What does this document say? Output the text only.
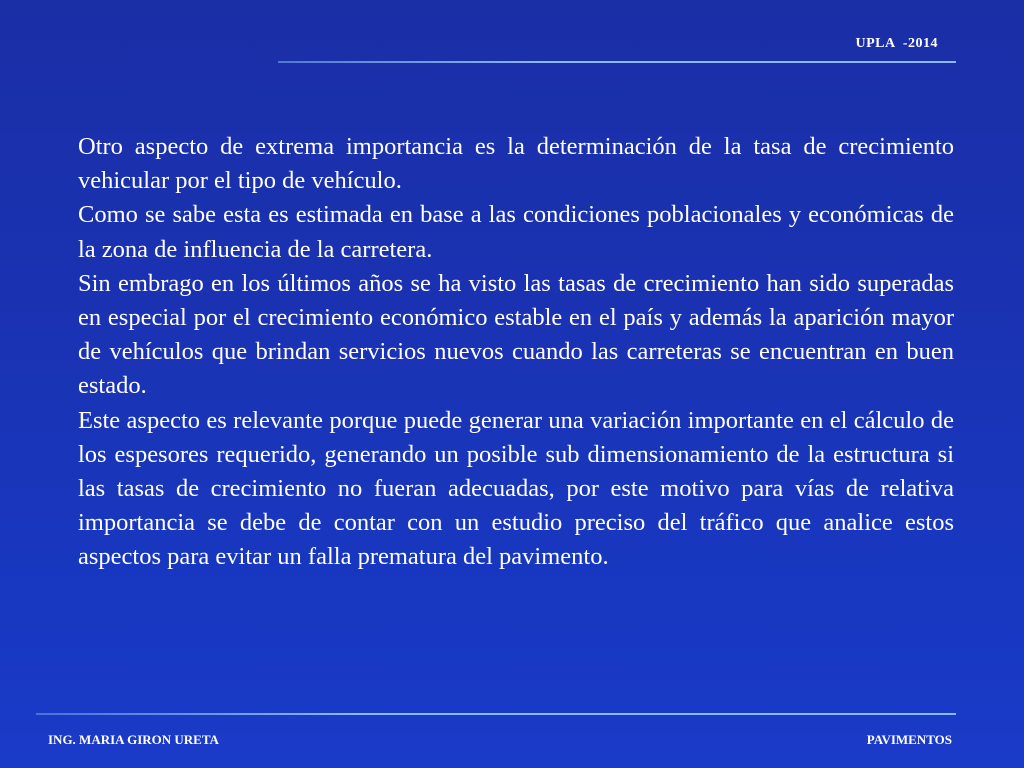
UPLA  -2014

Otro aspecto de extrema importancia es la determinación de la tasa de crecimiento vehicular por el tipo de vehículo.

Como se sabe esta es estimada en base a las condiciones poblacionales y económicas de la zona de influencia de la carretera.

Sin embrago en los últimos años se ha visto las tasas de crecimiento han sido superadas en especial por el crecimiento económico estable en el país y además la aparición mayor de vehículos que brindan servicios nuevos cuando las carreteras se encuentran en buen estado.

Este aspecto es relevante porque puede generar una variación importante en el cálculo de los espesores requerido, generando un posible sub dimensionamiento de la estructura si las tasas de crecimiento no fueran adecuadas, por este motivo para vías de relativa importancia se debe de contar con un estudio preciso del tráfico que analice estos aspectos para evitar un falla prematura del pavimento.

ING. MARIA GIRON URETA	PAVIMENTOS
